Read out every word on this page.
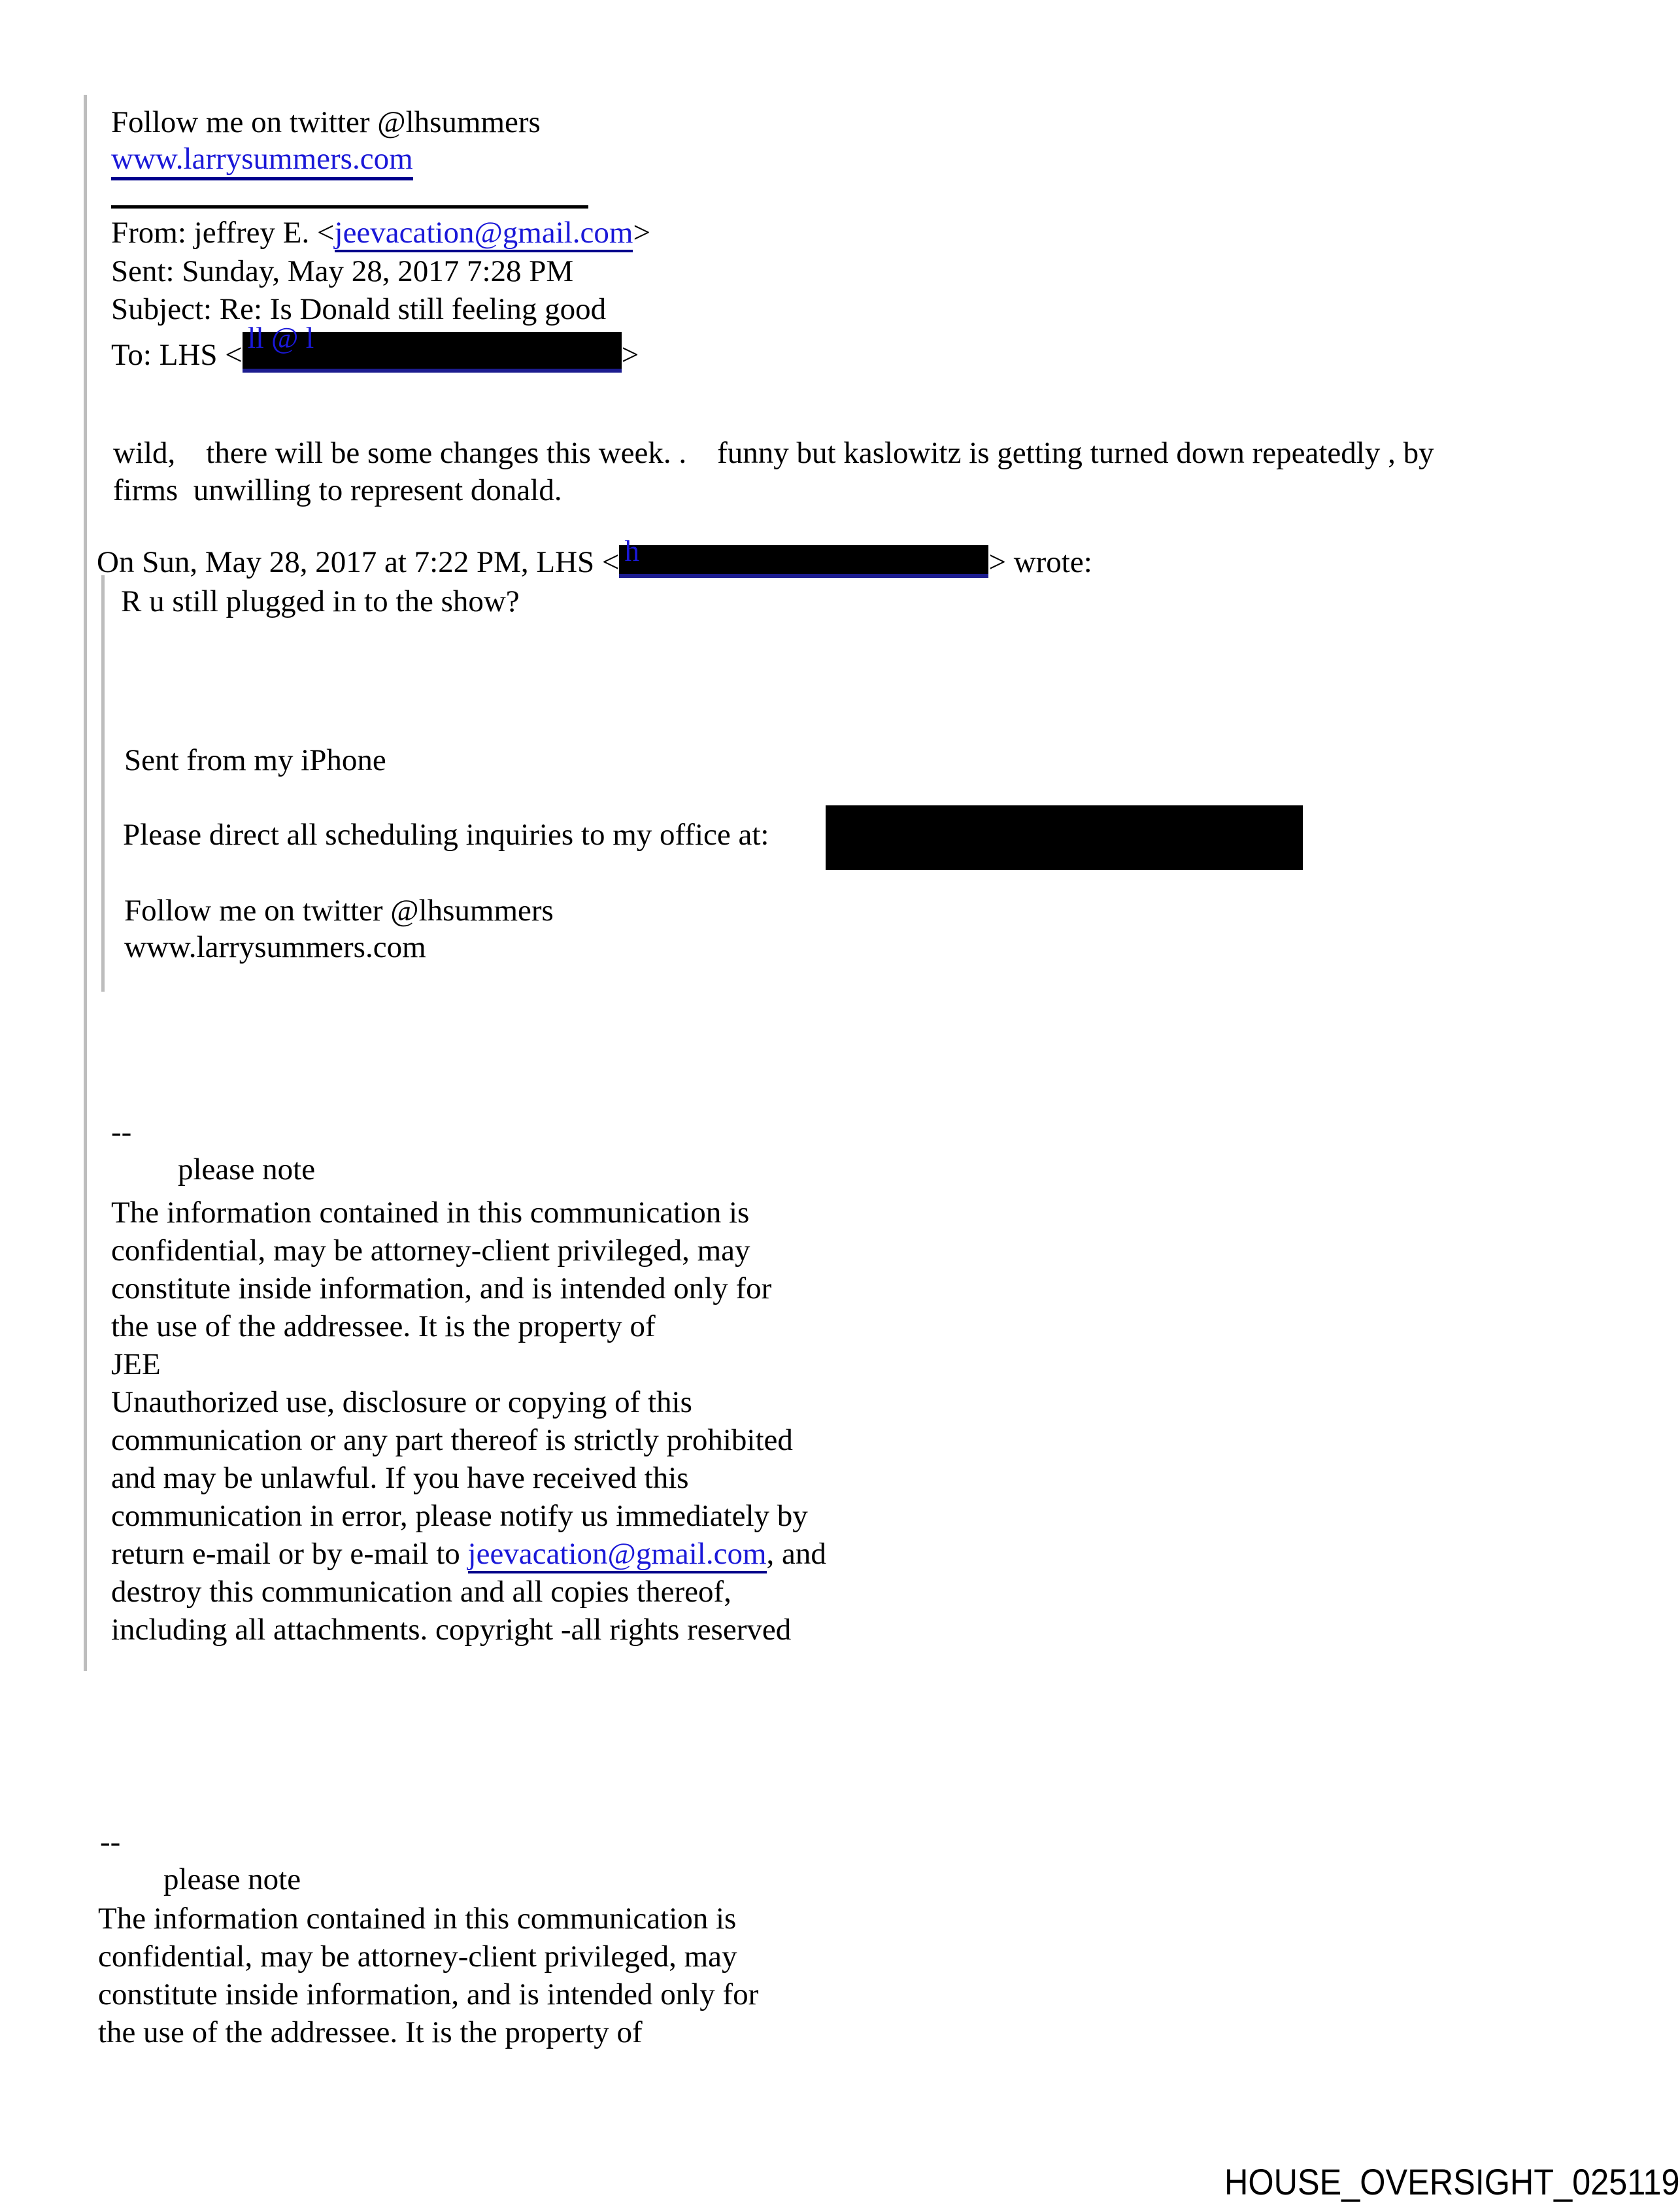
Follow me on twitter @lhsummers
www.larrysummers.com
From: jeffrey E. <jeevacation@gmail.com>
Sent: Sunday, May 28, 2017 7:28 PM
Subject: Re: Is Donald still feeling good
To: LHS < ll @ l	>
wild,    there will be some changes this week. .    funny but kaslowitz is getting turned down repeatedly , by
firms  unwilling to represent donald.
On Sun, May 28, 2017 at 7:22 PM, LHS < h	> wrote:
R u still plugged in to the show?
Sent from my iPhone
Please direct all scheduling inquiries to my office at:
Follow me on twitter @lhsummers
www.larrysummers.com
--
please note
The information contained in this communication is
confidential, may be attorney-client privileged, may
constitute inside information, and is intended only for
the use of the addressee. It is the property of
JEE
Unauthorized use, disclosure or copying of this
communication or any part thereof is strictly prohibited
and may be unlawful. If you have received this
communication in error, please notify us immediately by
return e-mail or by e-mail to jeevacation@gmail.com, and
destroy this communication and all copies thereof,
including all attachments. copyright -all rights reserved
--
please note
The information contained in this communication is
confidential, may be attorney-client privileged, may
constitute inside information, and is intended only for
the use of the addressee. It is the property of
HOUSE_OVERSIGHT_025119
